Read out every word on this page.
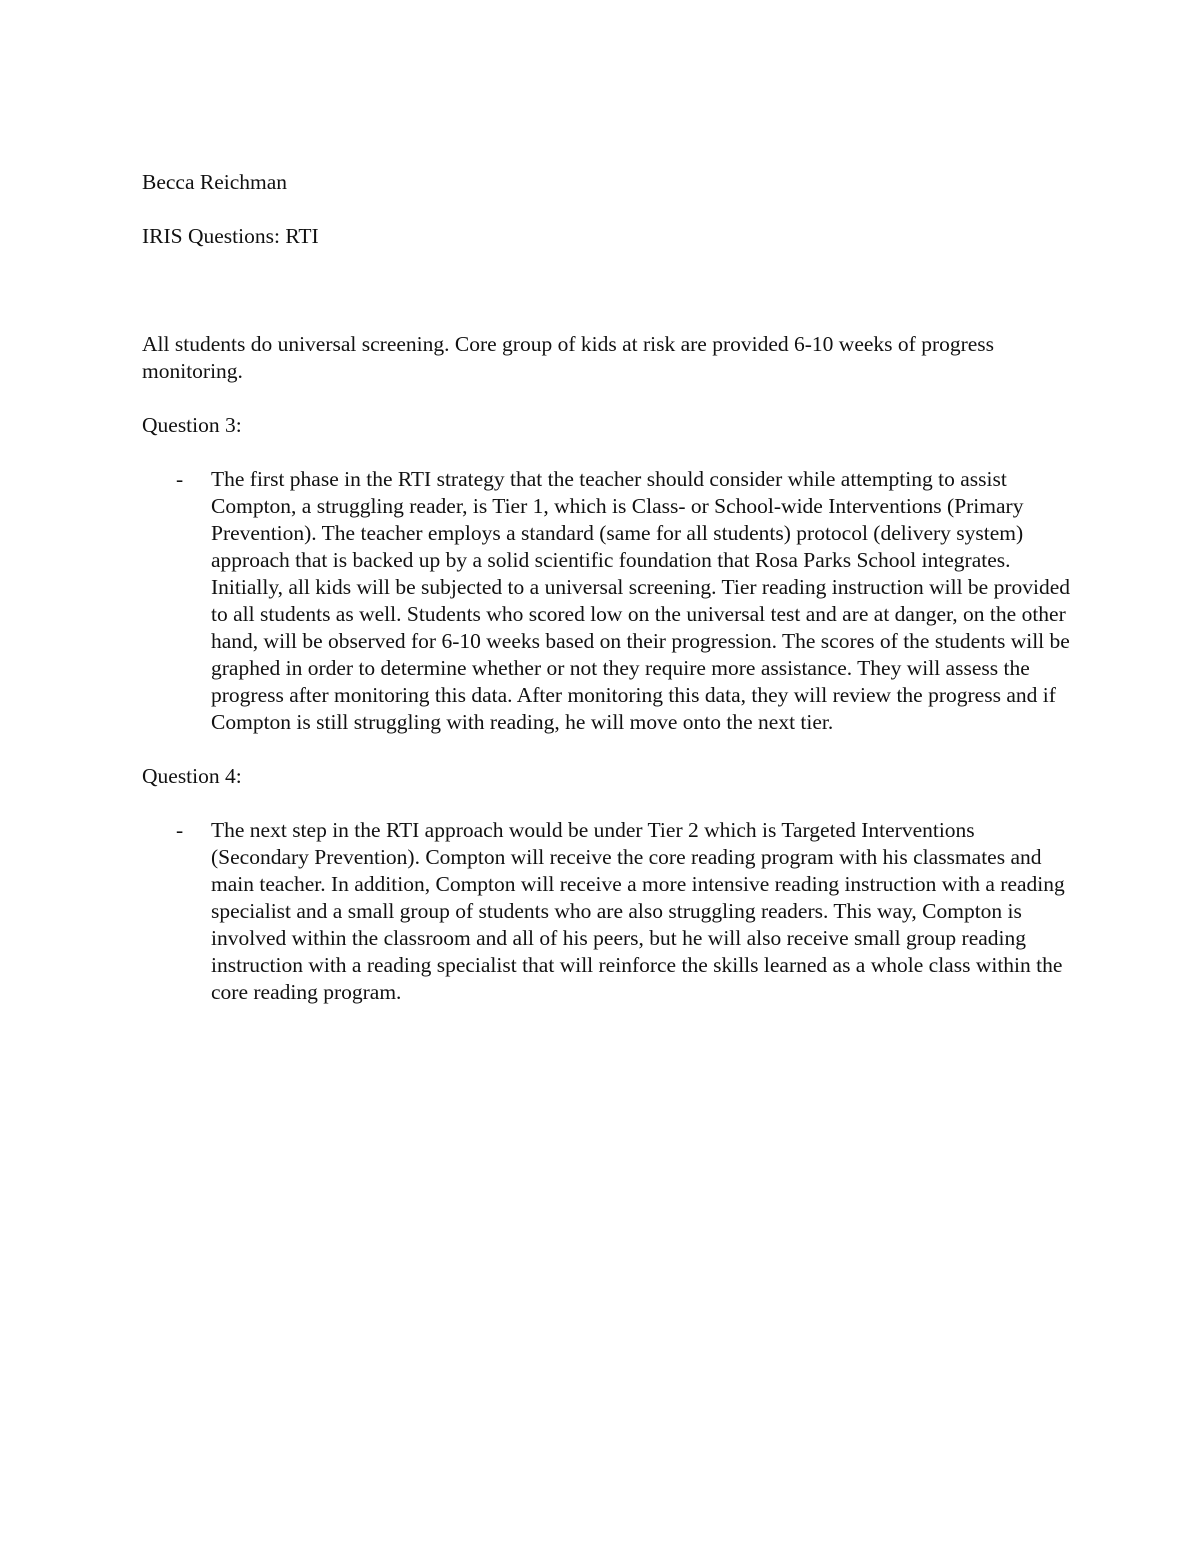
Becca Reichman

IRIS Questions: RTI

All students do universal screening. Core group of kids at risk are provided 6-10 weeks of progress monitoring.

Question 3:

- The first phase in the RTI strategy that the teacher should consider while attempting to assist Compton, a struggling reader, is Tier 1, which is Class- or School-wide Interventions (Primary Prevention). The teacher employs a standard (same for all students) protocol (delivery system) approach that is backed up by a solid scientific foundation that Rosa Parks School integrates. Initially, all kids will be subjected to a universal screening. Tier reading instruction will be provided to all students as well. Students who scored low on the universal test and are at danger, on the other hand, will be observed for 6-10 weeks based on their progression. The scores of the students will be graphed in order to determine whether or not they require more assistance. They will assess the progress after monitoring this data. After monitoring this data, they will review the progress and if Compton is still struggling with reading, he will move onto the next tier.

Question 4:

- The next step in the RTI approach would be under Tier 2 which is Targeted Interventions (Secondary Prevention). Compton will receive the core reading program with his classmates and main teacher. In addition, Compton will receive a more intensive reading instruction with a reading specialist and a small group of students who are also struggling readers. This way, Compton is involved within the classroom and all of his peers, but he will also receive small group reading instruction with a reading specialist that will reinforce the skills learned as a whole class within the core reading program.
